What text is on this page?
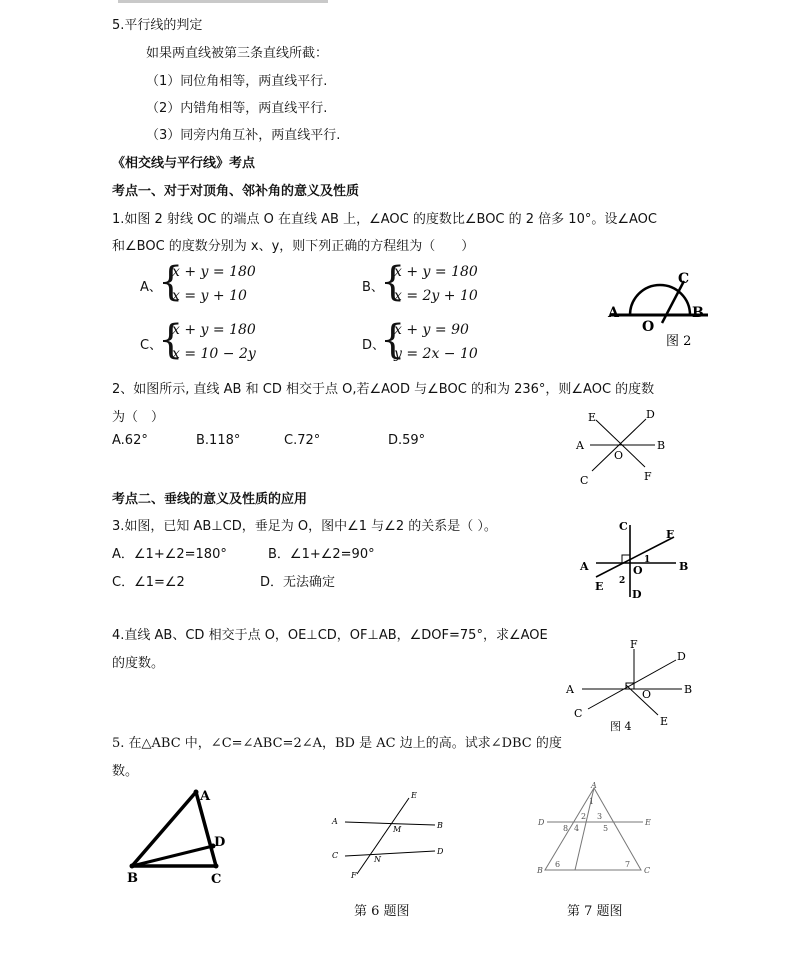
5.平行线的判定
如果两直线被第三条直线所截：
（1）同位角相等，两直线平行.
（2）内错角相等，两直线平行.
（3）同旁内角互补，两直线平行.
《相交线与平行线》考点
考点一、对于对顶角、邻补角的意义及性质
1.如图 2 射线 OC 的端点 O 在直线 AB 上，∠AOC 的度数比∠BOC 的 2 倍多 10°。设∠AOC
和∠BOC 的度数分别为 x、y，则下列正确的方程组为（　　）
A、
{
x + y = 180
x = y + 10
B、
{
x + y = 180
x = 2y + 10
C、
{
x + y = 180
x = 10 − 2y
D、
{
x + y = 90
y = 2x − 10
C
A
O
B
图 2
2、如图所示, 直线 AB 和 CD 相交于点 O,若∠AOD 与∠BOC 的和为 236°，则∠AOC 的度数
为（　）
A.62°	B.118°	C.72°	D.59°
E	D
A	B
O
C	F
考点二、垂线的意义及性质的应用
3.如图，已知 AB⊥CD，垂足为 O，图中∠1 与∠2 的关系是（ ）。
A．∠1+∠2=180°	B．∠1+∠2=90°
C．∠1=∠2	D．无法确定
C
F
1
A	O	B
2
E
D
4.直线 AB、CD 相交于点 O，OE⊥CD，OF⊥AB，∠DOF=75°，求∠AOE
的度数。
F
D
A	B
O
C
E
图 4
5. 在△ABC 中，∠C=∠ABC=2∠A，BD 是 AC 边上的高。试求∠DBC 的度
数。
A
D
B	C
E
A
M	B
C	D
N
F
第 6 题图
A
1
D
2 3
E
8 4	5
6	7
B	C
第 7 题图
